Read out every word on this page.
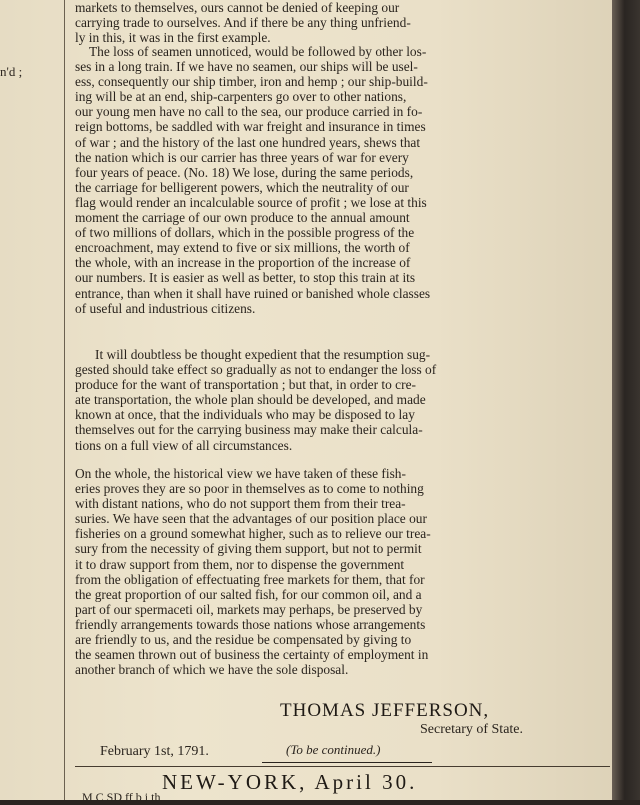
n'd ;
markets to themselves, ours cannot be denied of keeping our
carrying trade to ourselves. And if there be any thing unfriend-
ly in this, it was in the first example.
The loss of seamen unnoticed, would be followed by other los-
ses in a long train. If we have no seamen, our ships will be usel-
ess, consequently our ship timber, iron and hemp ; our ship-build-
ing will be at an end, ship-carpenters go over to other nations,
our young men have no call to the sea, our produce carried in fo-
reign bottoms, be saddled with war freight and insurance in times
of war ; and the history of the last one hundred years, shews that
the nation which is our carrier has three years of war for every
four years of peace. (No. 18) We lose, during the same periods,
the carriage for belligerent powers, which the neutrality of our
flag would render an incalculable source of profit ; we lose at this
moment the carriage of our own produce to the annual amount
of two millions of dollars, which in the possible progress of the
encroachment, may extend to five or six millions, the worth of
the whole, with an increase in the proportion of the increase of
our numbers. It is easier as well as better, to stop this train at its
entrance, than when it shall have ruined or banished whole classes
of useful and industrious citizens.
It will doubtless be thought expedient that the resumption sug-
gested should take effect so gradually as not to endanger the loss of
produce for the want of transportation ; but that, in order to cre-
ate transportation, the whole plan should be developed, and made
known at once, that the individuals who may be disposed to lay
themselves out for the carrying business may make their calcula-
tions on a full view of all circumstances.
On the whole, the historical view we have taken of these fish-
eries proves they are so poor in themselves as to come to nothing
with distant nations, who do not support them from their trea-
suries. We have seen that the advantages of our position place our
fisheries on a ground somewhat higher, such as to relieve our trea-
sury from the necessity of giving them support, but not to permit
it to draw support from them, nor to dispense the government
from the obligation of effectuating free markets for them, that for
the great proportion of our salted fish, for our common oil, and a
part of our spermaceti oil, markets may perhaps, be preserved by
friendly arrangements towards those nations whose arrangements
are friendly to us, and the residue be compensated by giving to
the seamen thrown out of business the certainty of employment in
another branch of which we have the sole disposal.
THOMAS JEFFERSON,
Secretary of State.
February 1st, 1791.	(To be continued.)
NEW-YORK, April 30.
M C SD ff b i th
